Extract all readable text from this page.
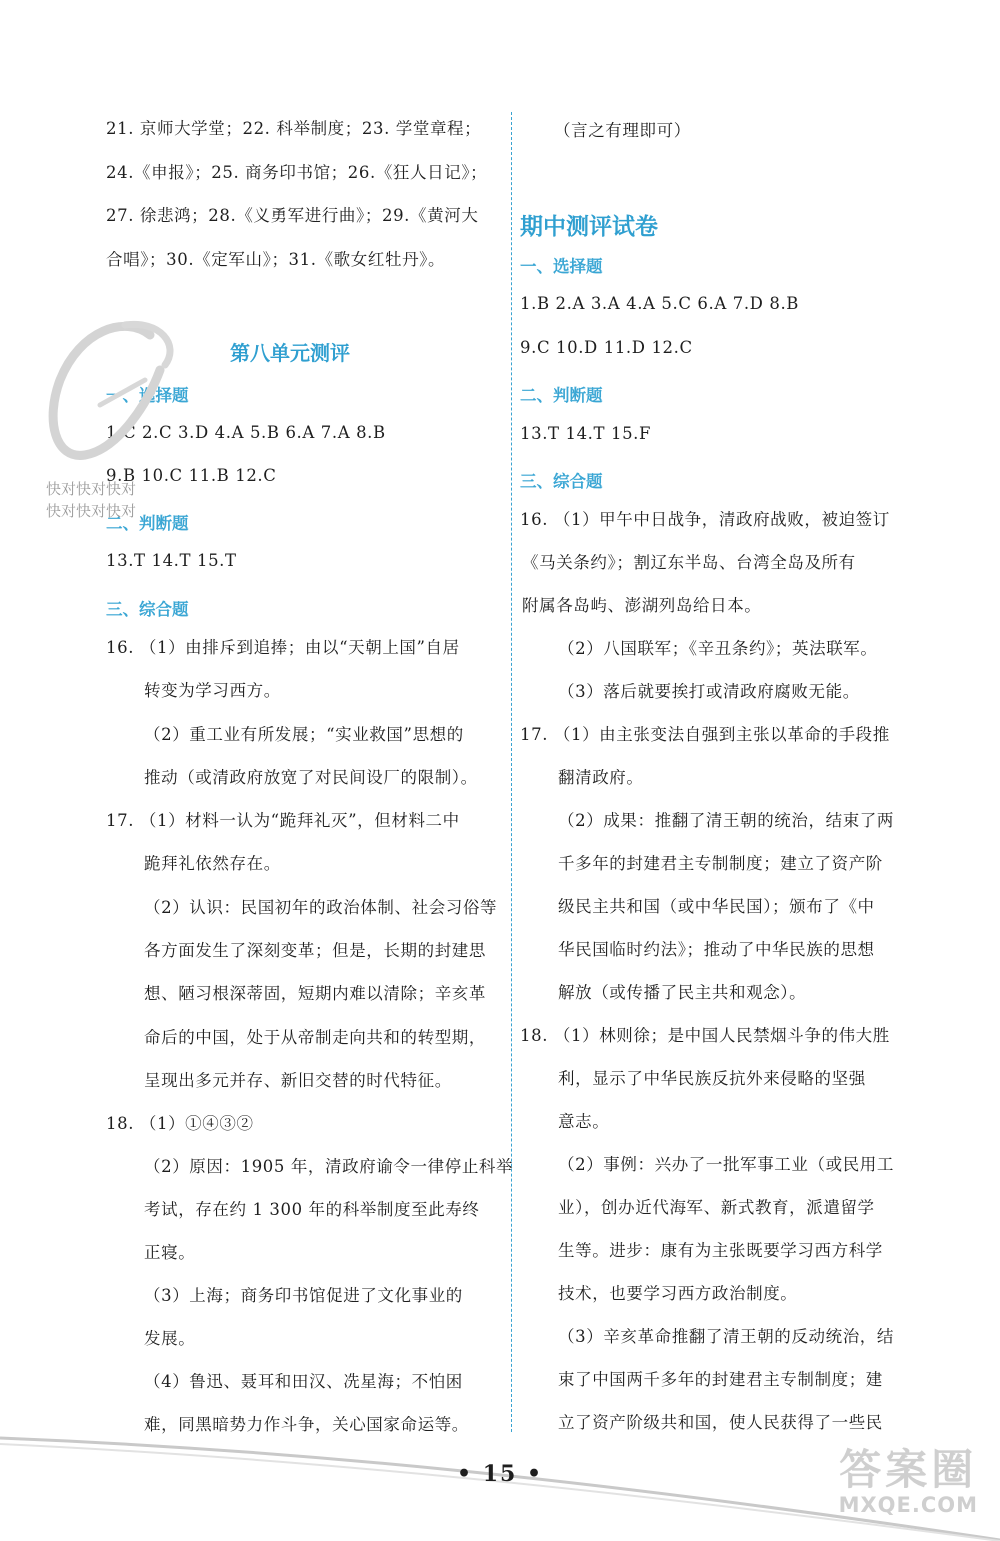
21. 京师大学堂；22. 科举制度；23. 学堂章程；
24.《申报》；25. 商务印书馆；26.《狂人日记》；
27. 徐悲鸿；28.《义勇军进行曲》；29.《黄河大
合唱》；30.《定军山》；31.《歌女红牡丹》。
第八单元测评
一、选择题
1.C 2.C 3.D 4.A 5.B 6.A 7.A 8.B
9.B 10.C 11.B 12.C
二、判断题
13.T 14.T 15.T
三、综合题
16. （1）由排斥到追捧；由以“天朝上国”自居
转变为学习西方。
（2）重工业有所发展；“实业救国”思想的
推动（或清政府放宽了对民间设厂的限制）。
17. （1）材料一认为“跪拜礼灭”，但材料二中
跪拜礼依然存在。
（2）认识：民国初年的政治体制、社会习俗等
各方面发生了深刻变革；但是，长期的封建思
想、陋习根深蒂固，短期内难以清除；辛亥革
命后的中国，处于从帝制走向共和的转型期，
呈现出多元并存、新旧交替的时代特征。
18. （1）①④③②
（2）原因：1905 年，清政府谕令一律停止科举
考试，存在约 1 300 年的科举制度至此寿终
正寝。
（3）上海；商务印书馆促进了文化事业的
发展。
（4）鲁迅、聂耳和田汉、冼星海；不怕困
难，同黑暗势力作斗争，关心国家命运等。
（言之有理即可）
期中测评试卷
一、选择题
1.B 2.A 3.A 4.A 5.C 6.A 7.D 8.B
9.C 10.D 11.D 12.C
二、判断题
13.T 14.T 15.F
三、综合题
16. （1）甲午中日战争，清政府战败，被迫签订
《马关条约》；割辽东半岛、台湾全岛及所有
附属各岛屿、澎湖列岛给日本。
（2）八国联军；《辛丑条约》；英法联军。
（3）落后就要挨打或清政府腐败无能。
17. （1）由主张变法自强到主张以革命的手段推
翻清政府。
（2）成果：推翻了清王朝的统治，结束了两
千多年的封建君主专制制度；建立了资产阶
级民主共和国（或中华民国）；颁布了《中
华民国临时约法》；推动了中华民族的思想
解放（或传播了民主共和观念）。
18. （1）林则徐；是中国人民禁烟斗争的伟大胜
利，显示了中华民族反抗外来侵略的坚强
意志。
（2）事例：兴办了一批军事工业（或民用工
业），创办近代海军、新式教育，派遣留学
生等。进步：康有为主张既要学习西方科学
技术，也要学习西方政治制度。
（3）辛亥革命推翻了清王朝的反动统治，结
束了中国两千多年的封建君主专制制度；建
立了资产阶级共和国，使人民获得了一些民
快对快对快对
快对快对快对
• 15 •	答案圈
MXQE.COM
